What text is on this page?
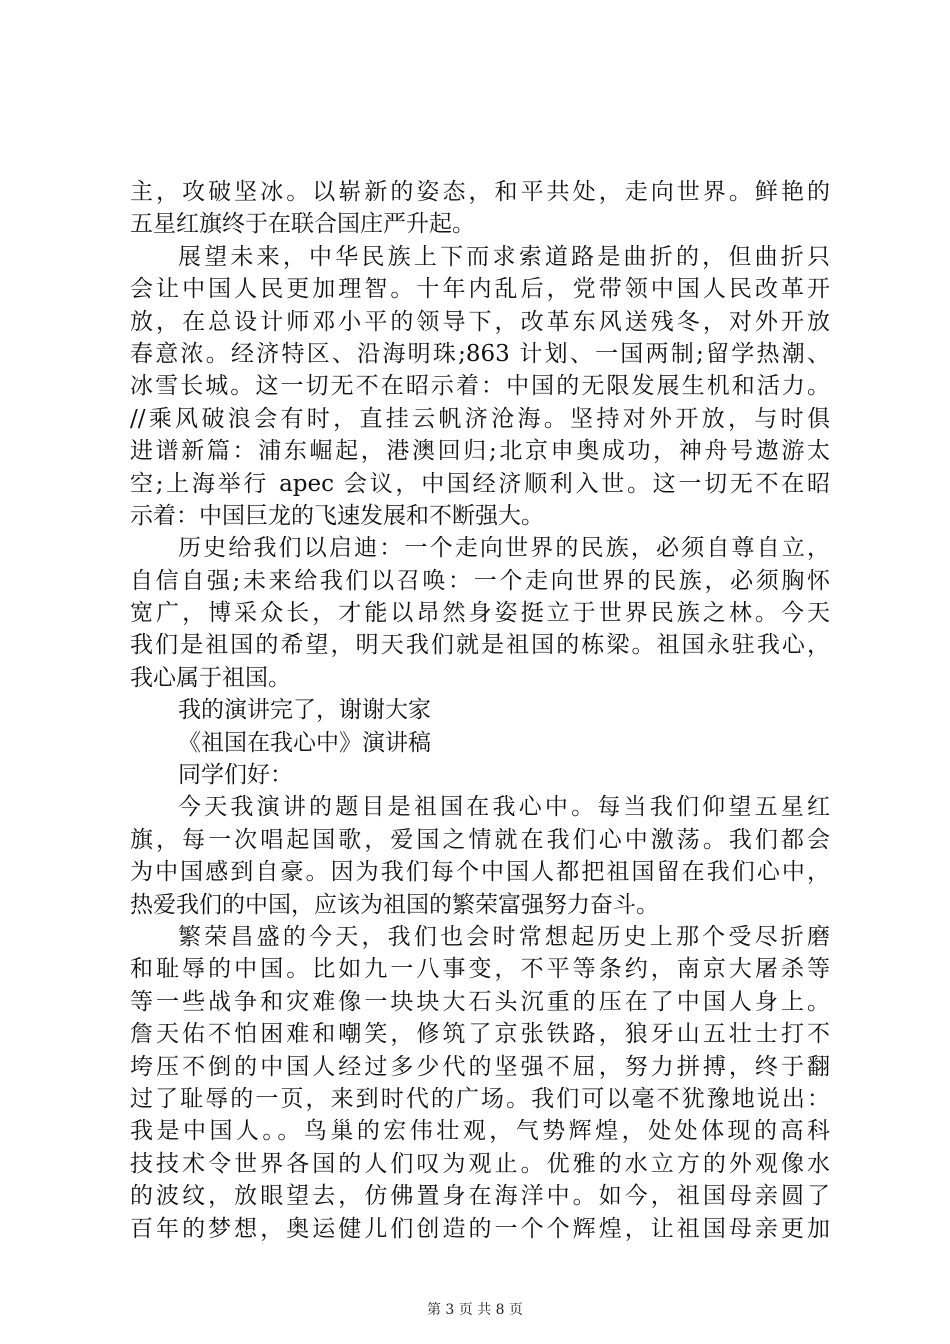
主，攻破坚冰。以崭新的姿态，和平共处，走向世界。鲜艳的
五星红旗终于在联合国庄严升起。
展望未来，中华民族上下而求索道路是曲折的，但曲折只
会让中国人民更加理智。十年内乱后，党带领中国人民改革开
放，在总设计师邓小平的领导下，改革东风送残冬，对外开放
春意浓。经济特区、沿海明珠;863 计划、一国两制;留学热潮、
冰雪长城。这一切无不在昭示着：中国的无限发展生机和活力。
//乘风破浪会有时，直挂云帆济沧海。坚持对外开放，与时俱
进谱新篇：浦东崛起，港澳回归;北京申奥成功，神舟号遨游太
空;上海举行 apec 会议，中国经济顺利入世。这一切无不在昭
示着：中国巨龙的飞速发展和不断强大。
历史给我们以启迪：一个走向世界的民族，必须自尊自立，
自信自强;未来给我们以召唤：一个走向世界的民族，必须胸怀
宽广，博采众长，才能以昂然身姿挺立于世界民族之林。今天
我们是祖国的希望，明天我们就是祖国的栋梁。祖国永驻我心，
我心属于祖国。
我的演讲完了，谢谢大家
《祖国在我心中》演讲稿
同学们好：
今天我演讲的题目是祖国在我心中。每当我们仰望五星红
旗，每一次唱起国歌，爱国之情就在我们心中激荡。我们都会
为中国感到自豪。因为我们每个中国人都把祖国留在我们心中，
热爱我们的中国，应该为祖国的繁荣富强努力奋斗。
繁荣昌盛的今天，我们也会时常想起历史上那个受尽折磨
和耻辱的中国。比如九一八事变，不平等条约，南京大屠杀等
等一些战争和灾难像一块块大石头沉重的压在了中国人身上。
詹天佑不怕困难和嘲笑，修筑了京张铁路，狼牙山五壮士打不
垮压不倒的中国人经过多少代的坚强不屈，努力拼搏，终于翻
过了耻辱的一页，来到时代的广场。我们可以毫不犹豫地说出：
我是中国人。。鸟巢的宏伟壮观，气势辉煌，处处体现的高科
技技术令世界各国的人们叹为观止。优雅的水立方的外观像水
的波纹，放眼望去，仿佛置身在海洋中。如今，祖国母亲圆了
百年的梦想，奥运健儿们创造的一个个辉煌，让祖国母亲更加
第 3 页 共 8 页
